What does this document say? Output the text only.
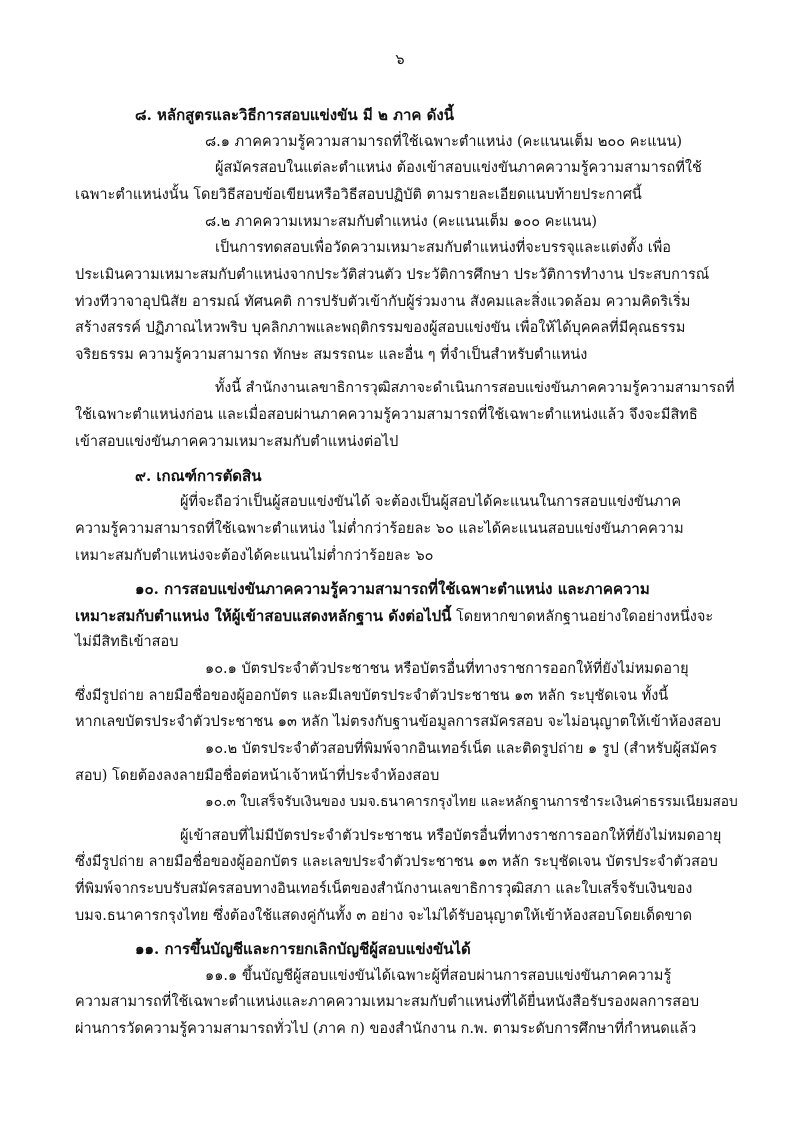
๖
๘. หลักสูตรและวิธีการสอบแข่งขัน มี ๒ ภาค ดังนี้
๘.๑ ภาคความรู้ความสามารถที่ใช้เฉพาะตำแหน่ง (คะแนนเต็ม ๒๐๐ คะแนน)
ผู้สมัครสอบในแต่ละตำแหน่ง ต้องเข้าสอบแข่งขันภาคความรู้ความสามารถที่ใช้
เฉพาะตำแหน่งนั้น โดยวิธีสอบข้อเขียนหรือวิธีสอบปฏิบัติ ตามรายละเอียดแนบท้ายประกาศนี้
๘.๒ ภาคความเหมาะสมกับตำแหน่ง (คะแนนเต็ม ๑๐๐ คะแนน)
เป็นการทดสอบเพื่อวัดความเหมาะสมกับตำแหน่งที่จะบรรจุและแต่งตั้ง เพื่อ
ประเมินความเหมาะสมกับตำแหน่งจากประวัติส่วนตัว ประวัติการศึกษา ประวัติการทำงาน ประสบการณ์
ท่วงทีวาจาอุปนิสัย อารมณ์ ทัศนคติ การปรับตัวเข้ากับผู้ร่วมงาน สังคมและสิ่งแวดล้อม ความคิดริเริ่ม
สร้างสรรค์ ปฏิภาณไหวพริบ บุคลิกภาพและพฤติกรรมของผู้สอบแข่งขัน เพื่อให้ได้บุคคลที่มีคุณธรรม
จริยธรรม ความรู้ความสามารถ ทักษะ สมรรถนะ และอื่น ๆ ที่จำเป็นสำหรับตำแหน่ง
ทั้งนี้ สำนักงานเลขาธิการวุฒิสภาจะดำเนินการสอบแข่งขันภาคความรู้ความสามารถที่
ใช้เฉพาะตำแหน่งก่อน และเมื่อสอบผ่านภาคความรู้ความสามารถที่ใช้เฉพาะตำแหน่งแล้ว จึงจะมีสิทธิ
เข้าสอบแข่งขันภาคความเหมาะสมกับตำแหน่งต่อไป
๙. เกณฑ์การตัดสิน
ผู้ที่จะถือว่าเป็นผู้สอบแข่งขันได้ จะต้องเป็นผู้สอบได้คะแนนในการสอบแข่งขันภาค
ความรู้ความสามารถที่ใช้เฉพาะตำแหน่ง ไม่ต่ำกว่าร้อยละ ๖๐ และได้คะแนนสอบแข่งขันภาคความ
เหมาะสมกับตำแหน่งจะต้องได้คะแนนไม่ต่ำกว่าร้อยละ ๖๐
๑๐. การสอบแข่งขันภาคความรู้ความสามารถที่ใช้เฉพาะตำแหน่ง และภาคความ
เหมาะสมกับตำแหน่ง ให้ผู้เข้าสอบแสดงหลักฐาน ดังต่อไปนี้ โดยหากขาดหลักฐานอย่างใดอย่างหนึ่งจะ
ไม่มีสิทธิเข้าสอบ
๑๐.๑ บัตรประจำตัวประชาชน หรือบัตรอื่นที่ทางราชการออกให้ที่ยังไม่หมดอายุ
ซึ่งมีรูปถ่าย ลายมือชื่อของผู้ออกบัตร และมีเลขบัตรประจำตัวประชาชน ๑๓ หลัก ระบุชัดเจน ทั้งนี้
หากเลขบัตรประจำตัวประชาชน ๑๓ หลัก ไม่ตรงกับฐานข้อมูลการสมัครสอบ จะไม่อนุญาตให้เข้าห้องสอบ
๑๐.๒ บัตรประจำตัวสอบที่พิมพ์จากอินเทอร์เน็ต และติดรูปถ่าย ๑ รูป (สำหรับผู้สมัคร
สอบ) โดยต้องลงลายมือชื่อต่อหน้าเจ้าหน้าที่ประจำห้องสอบ
๑๐.๓ ใบเสร็จรับเงินของ บมจ.ธนาคารกรุงไทย และหลักฐานการชำระเงินค่าธรรมเนียมสอบ
ผู้เข้าสอบที่ไม่มีบัตรประจำตัวประชาชน หรือบัตรอื่นที่ทางราชการออกให้ที่ยังไม่หมดอายุ
ซึ่งมีรูปถ่าย ลายมือชื่อของผู้ออกบัตร และเลขประจำตัวประชาชน ๑๓ หลัก ระบุชัดเจน บัตรประจำตัวสอบ
ที่พิมพ์จากระบบรับสมัครสอบทางอินเทอร์เน็ตของสำนักงานเลขาธิการวุฒิสภา และใบเสร็จรับเงินของ
บมจ.ธนาคารกรุงไทย ซึ่งต้องใช้แสดงคู่กันทั้ง ๓ อย่าง จะไม่ได้รับอนุญาตให้เข้าห้องสอบโดยเด็ดขาด
๑๑. การขึ้นบัญชีและการยกเลิกบัญชีผู้สอบแข่งขันได้
๑๑.๑ ขึ้นบัญชีผู้สอบแข่งขันได้เฉพาะผู้ที่สอบผ่านการสอบแข่งขันภาคความรู้
ความสามารถที่ใช้เฉพาะตำแหน่งและภาคความเหมาะสมกับตำแหน่งที่ได้ยื่นหนังสือรับรองผลการสอบ
ผ่านการวัดความรู้ความสามารถทั่วไป (ภาค ก) ของสำนักงาน ก.พ. ตามระดับการศึกษาที่กำหนดแล้ว
